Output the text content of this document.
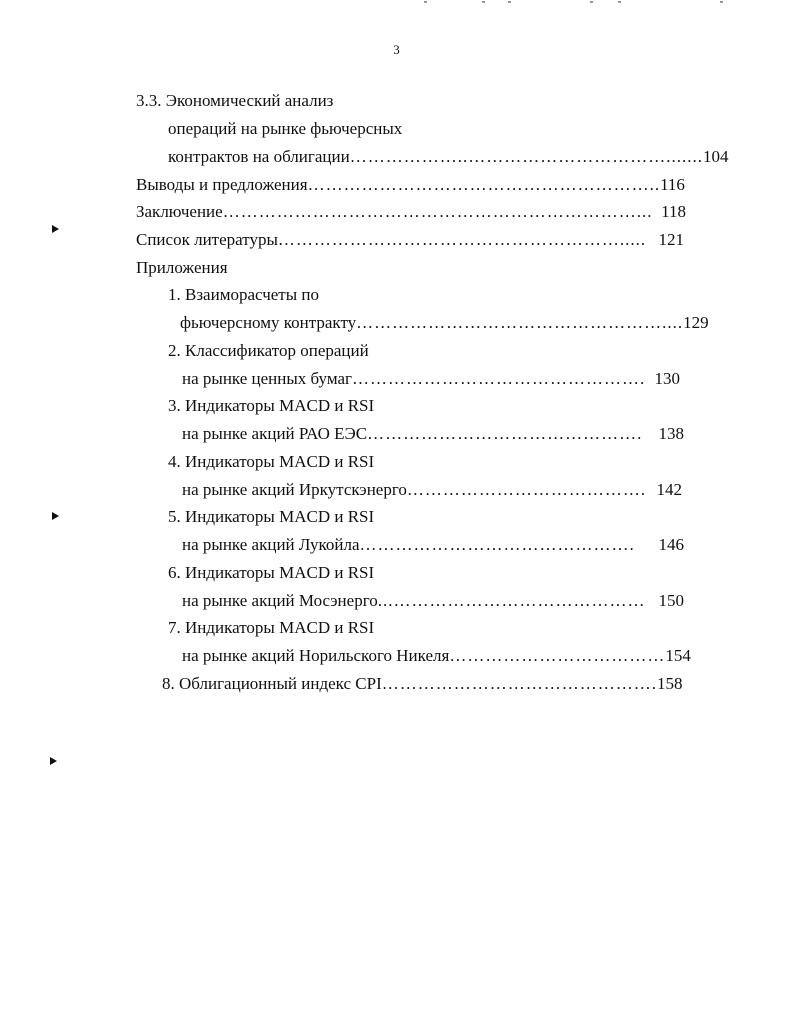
3
3.3. Экономический анализ
операций на рынке фьючерсных
контрактов на облигации ………………..……………………………....... 104
Выводы и предложения ………………………………………………….. 116
Заключение ……………………………………………………………... 118
Список литературы …………………………………………………..... 121
Приложения
1. Взаиморасчеты по
фьючерсному контракту …………………………………………….... 129
2. Классификатор операций
на рынке ценных бумаг …………………………………………. 130
3. Индикаторы MACD и RSI
на рынке акций РАО ЕЭС ………………………………………. 138
4. Индикаторы MACD и RSI
на рынке акций Иркутскэнерго …………………………………. 142
5. Индикаторы MACD и RSI
на рынке акций Лукойла ……………………………………….	146
6. Индикаторы MACD и RSI
на рынке акций Мосэнерго ...…………………………………… 150
7. Индикаторы MACD и RSI
на рынке акций Норильского Никеля ……………………………… 154
8. Облигационный индекс CPI ………………………………………. 158
